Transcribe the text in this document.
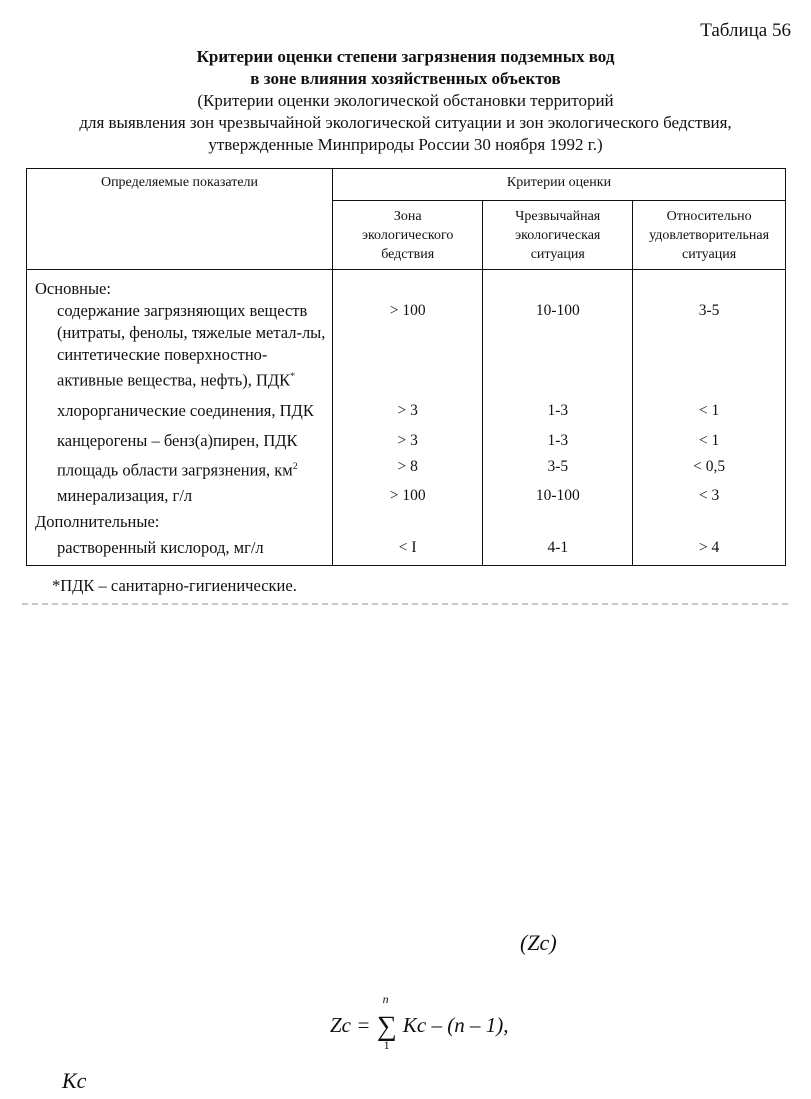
Таблица 56
Критерии оценки степени загрязнения подземных вод
в зоне влияния хозяйственных объектов
(Критерии оценки экологической обстановки территорий
для выявления зон чрезвычайной экологической ситуации и зон экологического бедствия,
утвержденные Минприроды России 30 ноября 1992 г.)
Определяемые показатели	Критерии оценки		

	Зона
экологического
бедствия	Чрезвычайная
экологическая
ситуация	Относительно
удовлетворительная
ситуация

Основные:			
содержание загрязняющих веществ (нитраты, фенолы, тяжелые метал-лы, синтетические поверхностно-активные вещества, нефть), ПДК*	> 100	10-100	3-5
хлорорганические соединения, ПДК	> 3	1-3	< 1
канцерогены – бенз(а)пирен, ПДК	> 3	1-3	< 1
площадь области загрязнения, $км^2$	> 8	3-5	< 0,5
минерализация, г/л	> 100	10-100	< 3
Дополнительные:			
растворенный кислород, мг/л	< I	4-1	> 4
*ПДК – санитарно-гигиенические.
(Zc)
Zc =
n
∑
1
Kc – (n – 1),
Kc
